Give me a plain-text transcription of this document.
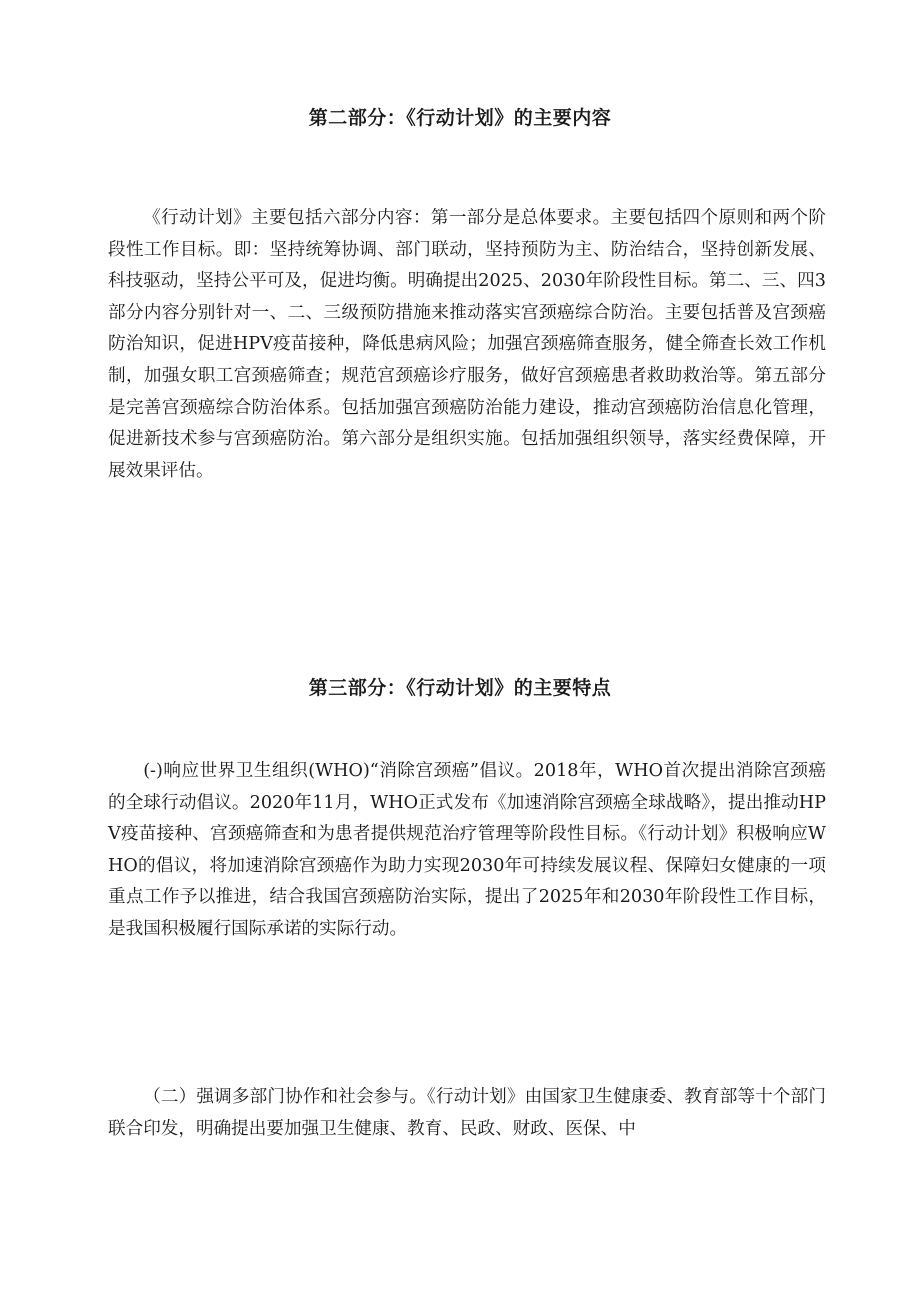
第二部分：《行动计划》的主要内容

《行动计划》主要包括六部分内容：第一部分是总体要求。主要包括四个原则和两个阶段性工作目标。即：坚持统筹协调、部门联动，坚持预防为主、防治结合，坚持创新发展、科技驱动，坚持公平可及，促进均衡。明确提出2025、2030年阶段性目标。第二、三、四3部分内容分别针对一、二、三级预防措施来推动落实宫颈癌综合防治。主要包括普及宫颈癌防治知识，促进HPV疫苗接种，降低患病风险；加强宫颈癌筛查服务，健全筛查长效工作机制，加强女职工宫颈癌筛查；规范宫颈癌诊疗服务，做好宫颈癌患者救助救治等。第五部分是完善宫颈癌综合防治体系。包括加强宫颈癌防治能力建设，推动宫颈癌防治信息化管理，促进新技术参与宫颈癌防治。第六部分是组织实施。包括加强组织领导，落实经费保障，开展效果评估。

第三部分：《行动计划》的主要特点

(-)响应世界卫生组织(WHO)“消除宫颈癌”倡议。2018年，WHO首次提出消除宫颈癌的全球行动倡议。2020年11月，WHO正式发布《加速消除宫颈癌全球战略》，提出推动HPV疫苗接种、宫颈癌筛查和为患者提供规范治疗管理等阶段性目标。《行动计划》积极响应WHO的倡议，将加速消除宫颈癌作为助力实现2030年可持续发展议程、保障妇女健康的一项重点工作予以推进，结合我国宫颈癌防治实际，提出了2025年和2030年阶段性工作目标，是我国积极履行国际承诺的实际行动。

（二）强调多部门协作和社会参与。《行动计划》由国家卫生健康委、教育部等十个部门联合印发，明确提出要加强卫生健康、教育、民政、财政、医保、中
